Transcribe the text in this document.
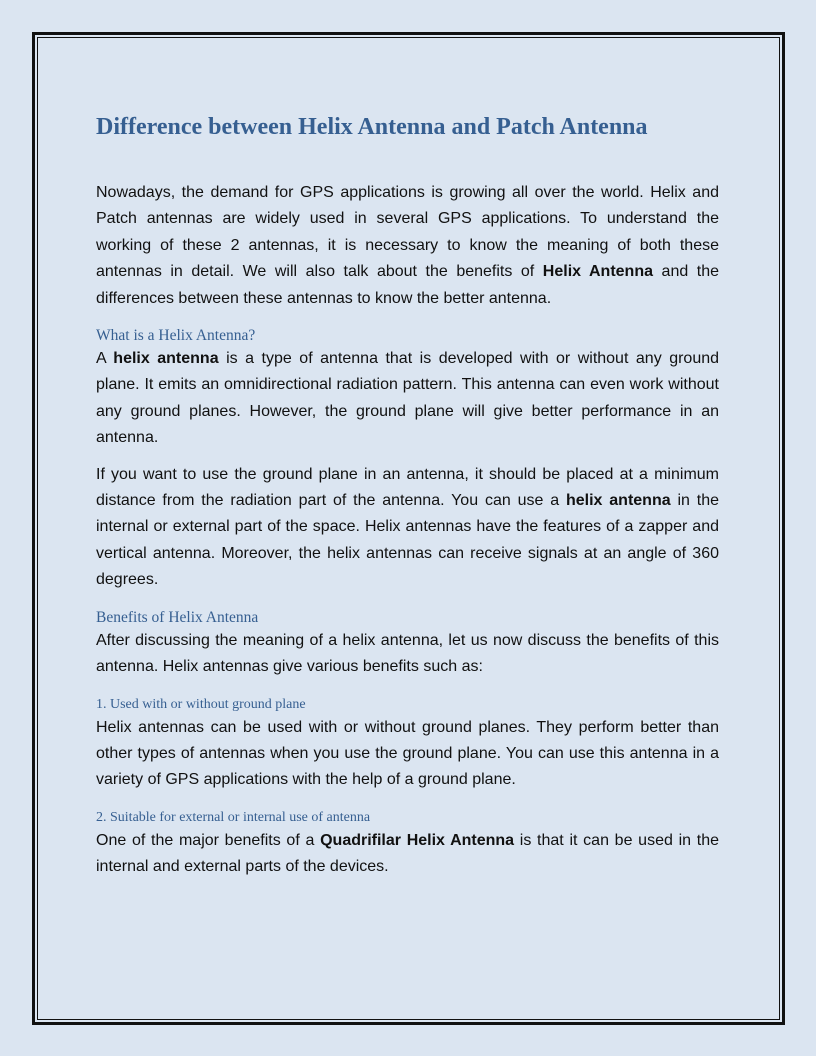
Difference between Helix Antenna and Patch Antenna

Nowadays, the demand for GPS applications is growing all over the world. Helix and Patch antennas are widely used in several GPS applications. To understand the working of these 2 antennas, it is necessary to know the meaning of both these antennas in detail. We will also talk about the benefits of Helix Antenna and the differences between these antennas to know the better antenna.

What is a Helix Antenna?

A helix antenna is a type of antenna that is developed with or without any ground plane. It emits an omnidirectional radiation pattern. This antenna can even work without any ground planes. However, the ground plane will give better performance in an antenna.

If you want to use the ground plane in an antenna, it should be placed at a minimum distance from the radiation part of the antenna. You can use a helix antenna in the internal or external part of the space. Helix antennas have the features of a zapper and vertical antenna. Moreover, the helix antennas can receive signals at an angle of 360 degrees.

Benefits of Helix Antenna

After discussing the meaning of a helix antenna, let us now discuss the benefits of this antenna. Helix antennas give various benefits such as:

1. Used with or without ground plane

Helix antennas can be used with or without ground planes. They perform better than other types of antennas when you use the ground plane. You can use this antenna in a variety of GPS applications with the help of a ground plane.

2. Suitable for external or internal use of antenna

One of the major benefits of a Quadrifilar Helix Antenna is that it can be used in the internal and external parts of the devices.
